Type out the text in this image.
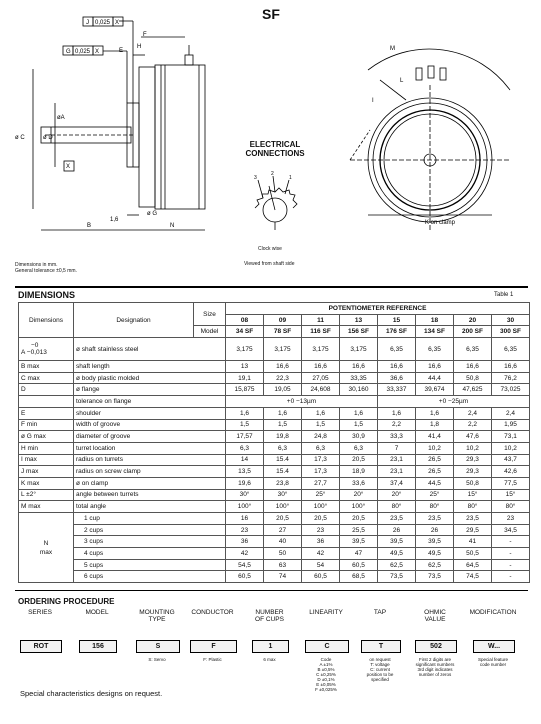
SF
J 0,025 X
G 0,025 X
X
E
H
F
ø C	ø D
øA
ø G
1,6
B	N
ELECTRICAL
CONNECTIONS
3
2
1
Clock wise
Viewed from shaft side
M
L
I
K on clamp
Dimensions in mm.
General tolerance ±0,5 mm.
DIMENSIONS	Table 1
Dimensions	Designation	Size	POTENTIOMETER REFERENCE							
			08	09	11	13	15	18	20	30
		Model	34 SF	78 SF	116 SF	156 SF	176 SF	134 SF	200 SF	300 SF

−0
A −0,013	ø shaft stainless steel		3,175	3,175	3,175	3,175	6,35	6,35	6,35	6,35
B max	shaft length		13	16,6	16,6	16,6	16,6	16,6	16,6	16,6
C max	ø body plastic molded		19,1	22,3	27,05	33,35	36,6	44,4	50,8	76,2
D	ø flange		15,875	19,05	24,608	30,160	33,337	39,674	47,625	73,025
	tolerance on flange		+0 −13µm				+0 −25µm			
E	shoulder		1,6	1,6	1,6	1,6	1,6	1,6	2,4	2,4
F min	width of groove		1,5	1,5	1,5	1,5	2,2	1,8	2,2	1,95
ø G max	diameter of groove		17,57	19,8	24,8	30,9	33,3	41,4	47,6	73,1
H min	turret location		6,3	6,3	6,3	6,3	7	10,2	10,2	10,2
I max	radius on turrets		14	15.4	17,3	20,5	23,1	26,5	29,3	43,7
J max	radius on screw clamp		13,5	15.4	17,3	18,9	23,1	26,5	29,3	42,6
K max	ø on clamp		19,6	23,8	27,7	33,6	37,4	44,5	50,8	77,5
L ±2°	angle between turrets		30°	30°	25°	20°	20°	25°	15°	15°
M max	total angle		100°	100°	100°	100°	80°	80°	80°	80°

N
max	1 cup		16	20,5	20,5	20,5	23,5	23,5	23,5	23
	2 cups		23	27	23	25,5	26	26	29,5	34,5
	3 cups		36	40	36	39,5	39,5	39,5	41	-
	4 cups		42	50	42	47	49,5	49,5	50,5	-
	5 cups		54,5	63	54	60,5	62,5	62,5	64,5	-
	6 cups		60,5	74	60,5	68,5	73,5	73,5	74,5	-
ORDERING PROCEDURE
SERIES
ROT
MODEL
156
MOUNTING
TYPE
S
S: Servo
CONDUCTOR
F
F: Plastic
NUMBER
OF CUPS
1
6 max
LINEARITY
C
Code
A ±1%
B ±0,5%
C ±0,25%
D ±0,1%
E ±0,05%
F ±0,025%
TAP
T
on request
T: voltage
C: current
position to be
specified
OHMIC
VALUE
502
First 2 digits are
significant numbers
3rd digit indicates
number of zeros
MODIFICATION
W...
Special feature
code number
Special characteristics designs on request.
